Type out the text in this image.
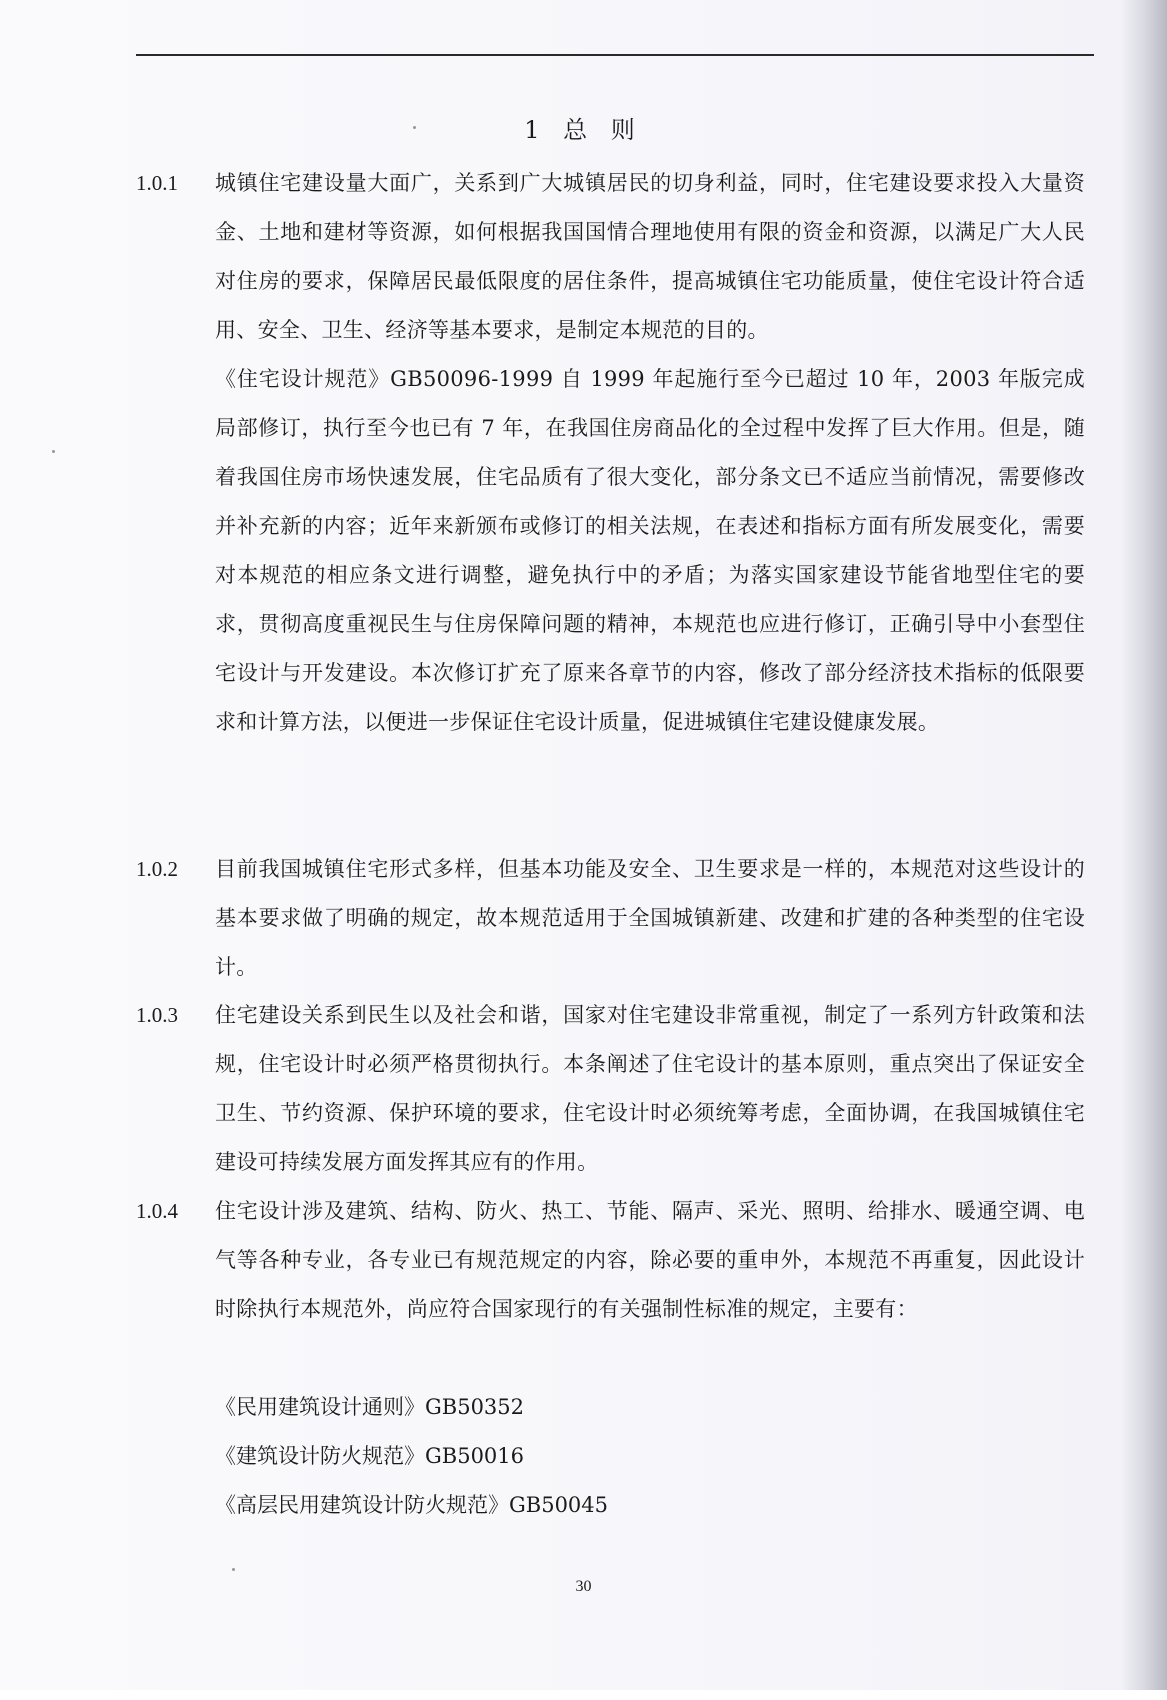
1 总 则
1.0.1 城镇住宅建设量大面广，关系到广大城镇居民的切身利益，同时，住宅建设要求投入大量资金、土地和建材等资源，如何根据我国国情合理地使用有限的资金和资源，以满足广大人民对住房的要求，保障居民最低限度的居住条件，提高城镇住宅功能质量，使住宅设计符合适用、安全、卫生、经济等基本要求，是制定本规范的目的。

《住宅设计规范》GB50096-1999 自 1999 年起施行至今已超过 10 年，2003 年版完成局部修订，执行至今也已有 7 年，在我国住房商品化的全过程中发挥了巨大作用。但是，随着我国住房市场快速发展，住宅品质有了很大变化，部分条文已不适应当前情况，需要修改并补充新的内容；近年来新颁布或修订的相关法规，在表述和指标方面有所发展变化，需要对本规范的相应条文进行调整，避免执行中的矛盾；为落实国家建设节能省地型住宅的要求，贯彻高度重视民生与住房保障问题的精神，本规范也应进行修订，正确引导中小套型住宅设计与开发建设。本次修订扩充了原来各章节的内容，修改了部分经济技术指标的低限要求和计算方法，以便进一步保证住宅设计质量，促进城镇住宅建设健康发展。

1.0.2 目前我国城镇住宅形式多样，但基本功能及安全、卫生要求是一样的，本规范对这些设计的基本要求做了明确的规定，故本规范适用于全国城镇新建、改建和扩建的各种类型的住宅设计。

1.0.3 住宅建设关系到民生以及社会和谐，国家对住宅建设非常重视，制定了一系列方针政策和法规，住宅设计时必须严格贯彻执行。本条阐述了住宅设计的基本原则，重点突出了保证安全卫生、节约资源、保护环境的要求，住宅设计时必须统筹考虑，全面协调，在我国城镇住宅建设可持续发展方面发挥其应有的作用。

1.0.4 住宅设计涉及建筑、结构、防火、热工、节能、隔声、采光、照明、给排水、暖通空调、电气等各种专业，各专业已有规范规定的内容，除必要的重申外，本规范不再重复，因此设计时除执行本规范外，尚应符合国家现行的有关强制性标准的规定，主要有：

《民用建筑设计通则》GB50352
《建筑设计防火规范》GB50016
《高层民用建筑设计防火规范》GB50045
30
